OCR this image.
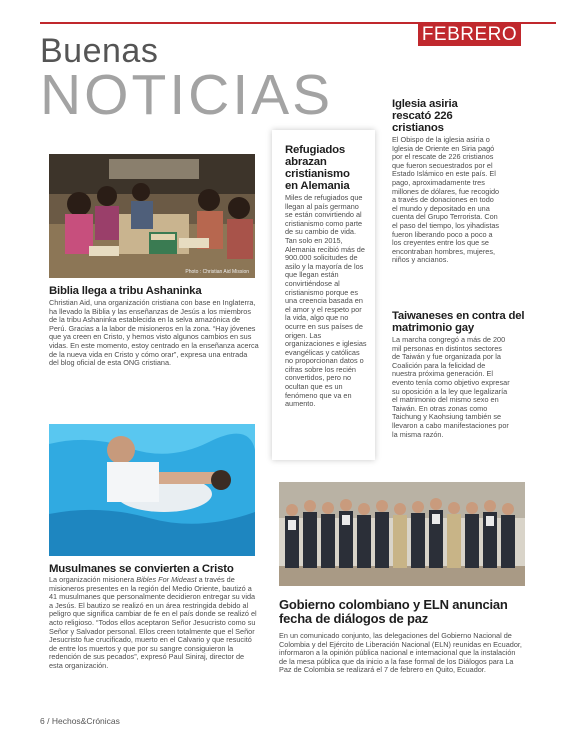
FEBRERO
Buenas
NOTICIAS
Photo : Christian Aid Mission
Biblia llega a tribu Ashaninka
Christian Aid, una organización cristiana con base en Inglaterra, ha llevado la Biblia y las enseñanzas de Jesús a los miembros de la tribu Ashaninka establecida en la selva amazónica de Perú. Gracias a la labor de misioneros en la zona. “Hay jóvenes que ya creen en Cristo, y hemos visto algunos cambios en sus vidas. En este momento, estoy centrado en la enseñanza acerca de la nueva vida en Cristo y cómo orar”, expresa una entrada del blog oficial de esta ONG cristiana.
Musulmanes se convierten a Cristo
La organización misionera Bibles For Mideast a través de misioneros presentes en la región del Medio Oriente, bautizó a 41 musulmanes que personalmente decidieron entregar su vida a Jesús. El bautizo se realizó en un área restringida debido al peligro que significa cambiar de fe en el país donde se realizó el acto religioso. “Todos ellos aceptaron Señor Jesucristo como su Señor y Salvador personal. Ellos creen totalmente que el Señor Jesucristo fue crucificado, muerto en el Calvario y que resucitó de entre los muertos y que por su sangre consiguieron la redención de sus pecados”, expresó Paul Siniraj, director de esta organización.
Refugiados abrazan cristianismo en Alemania
Miles de refugiados que llegan al país germano se están convirtiendo al cristianismo como parte de su cambio de vida. Tan solo en 2015, Alemania recibió más de 900.000 solicitudes de asilo y la mayoría de los que llegan están convirtiéndose al cristianismo porque es una creencia basada en el amor y el respeto por la vida, algo que no ocurre en sus países de origen. Las organizaciones e iglesias evangélicas y católicas no proporcionan datos o cifras sobre los recién convertidos, pero no ocultan que es un fenómeno que va en aumento.
Iglesia asiria rescató 226 cristianos
El Obispo de la iglesia asiria o Iglesia de Oriente en Siria pagó por el rescate de 226 cristianos que fueron secuestrados por el Estado Islámico en este país. El pago, aproximadamente tres millones de dólares, fue recogido a través de donaciones en todo el mundo y depositado en una cuenta del Grupo Terrorista. Con el paso del tiempo, los yihadistas fueron liberando poco a poco a los creyentes entre los que se encontraban hombres, mujeres, niños y ancianos.
Taiwaneses en contra del matrimonio gay
La marcha congregó a más de 200 mil personas en distintos sectores de Taiwán y fue organizada por la Coalición para la felicidad de nuestra próxima generación. El evento tenía como objetivo expresar su oposición a la ley que legalizaría el matrimonio del mismo sexo en Taiwán. En otras zonas como Taichung y Kaohsiung también se llevaron a cabo manifestaciones por la misma razón.
Gobierno colombiano y ELN anuncian fecha de diálogos de paz
En un comunicado conjunto, las delegaciones del Gobierno Nacional de Colombia y del Ejército de Liberación Nacional (ELN) reunidas en Ecuador, informaron a la opinión pública nacional e internacional que la instalación de la mesa pública que da inicio a la fase formal de los Diálogos para La Paz de Colombia se realizará el 7 de febrero en Quito, Ecuador.
6 / Hechos&Crónicas
